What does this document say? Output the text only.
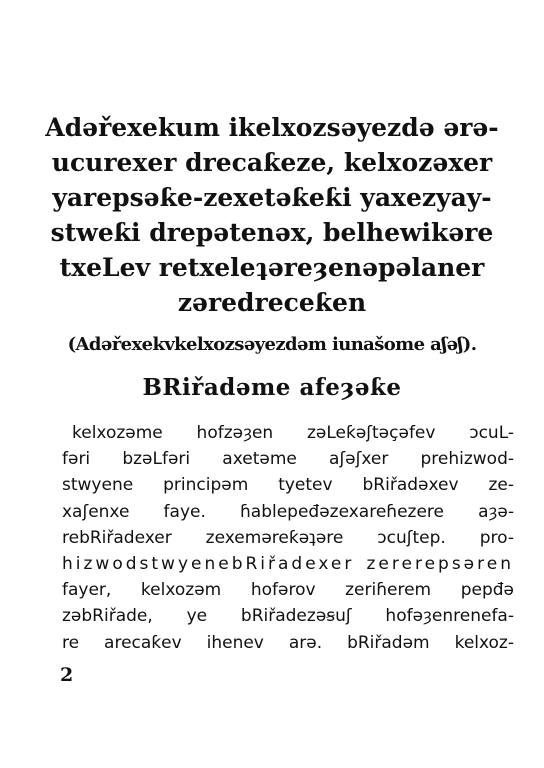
Adəřexekum ikelxozsəyezdə ərə-
ucurexer drecaƙeze, kelxozəxer
yarepsəƙe-zexetəƙeƙi yaxezyay-
stweƙi drepətenəx, belhewikəre
txeLev retxeleʇəreȝenəpəlaner
zəredreceƙen

(Adəřexekvkelxozsəyezdəm iunašome aʃəʃ).

BRiřadəme afeȝəƙe
kelxozəme hofzəȝen zəLeƙəʃtəçəfev ɔcuL-
fəri bzəLfəri axetəme aʃəʃxer prehizwod-
stwyene principəm tyetev bRiřadəxev ze-
xaʃenxe faye. ɦablepeđəzexareɦezere aȝə-
rebRiřadexer zexeməreƙəʇəre ɔcuʃtep. pro-
hizwodstwyenebRiřadexer zererepsəren
fayer, kelxozəm hofərov zeriɦerem pepđə
zəbRiřade, ye bRiřadezəꞩuʃ hofəȝenrenefa-
re arecaƙev ihenev arə. bRiřadəm kelxoz-
2
